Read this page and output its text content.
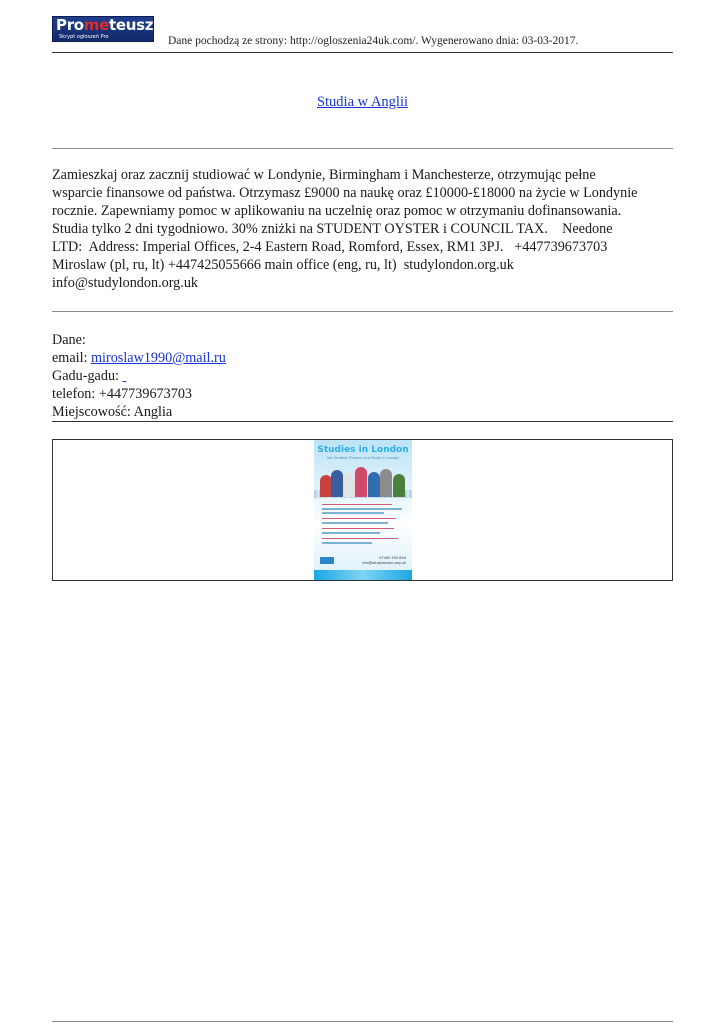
Prometeusz
Skrypt ogłoszeń Pro	Dane pochodzą ze strony: http://ogloszenia24uk.com/. Wygenerowano dnia: 03-03-2017.
Studia w Anglii
Zamieszkaj oraz zacznij studiować w Londynie, Birmingham i Manchesterze, otrzymując pełne
wsparcie finansowe od państwa. Otrzymasz £9000 na naukę oraz £10000-£18000 na życie w Londynie
rocznie. Zapewniamy pomoc w aplikowaniu na uczelnię oraz pomoc w otrzymaniu dofinansowania.
Studia tylko 2 dni tygodniowo. 30% zniżki na STUDENT OYSTER i COUNCIL TAX.    Needone
LTD:  Address: Imperial Offices, 2-4 Eastern Road, Romford, Essex, RM1 3PJ.   +447739673703
Miroslaw (pl, ru, lt) +447425055666 main office (eng, ru, lt)  studylondon.org.uk
info@studylondon.org.uk
Dane:
email: miroslaw1990@mail.ru
Gadu-gadu:
telefon: +447739673703
Miejscowość: Anglia
Studies in London
Get Student Finance and Study in London
07400 535 894
info@studylondon.org.uk
